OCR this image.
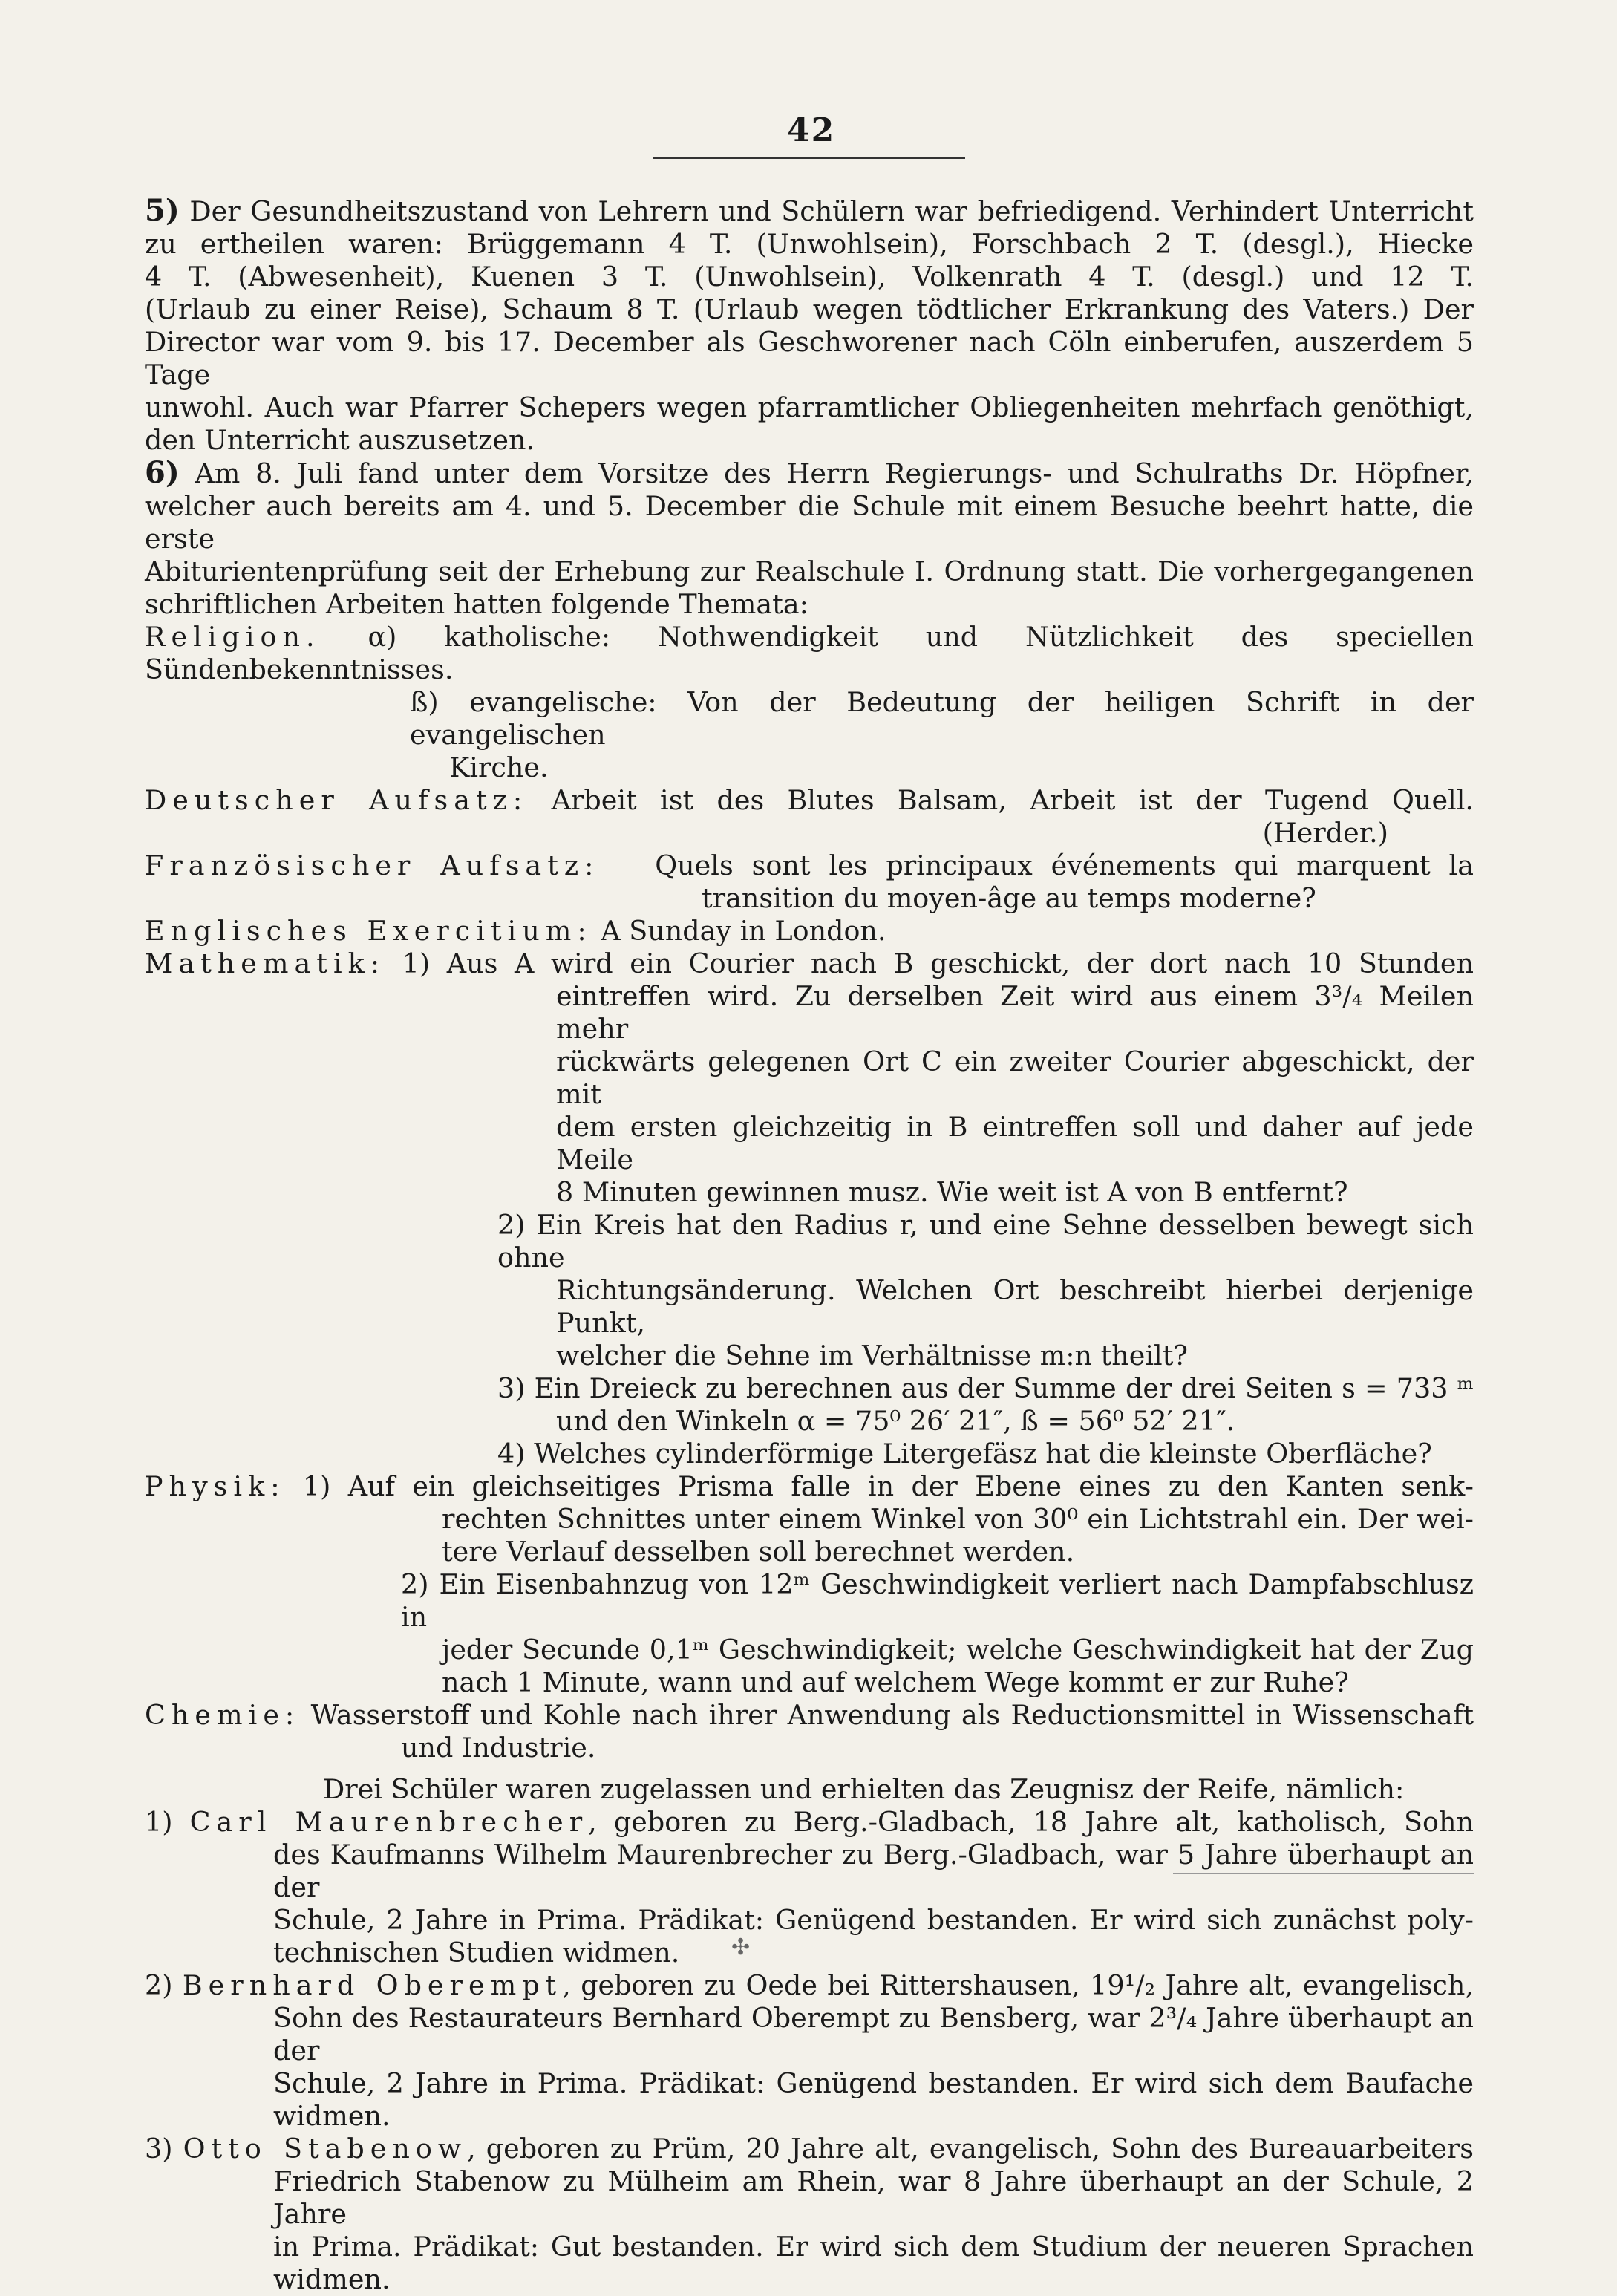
42

5) Der Gesundheitszustand von Lehrern und Schülern war befriedigend. Verhindert Unterricht

zu ertheilen waren: Brüggemann 4 T. (Unwohlsein), Forschbach 2 T. (desgl.), Hiecke

4 T. (Abwesenheit), Kuenen 3 T. (Unwohlsein), Volkenrath 4 T. (desgl.) und 12 T.

(Urlaub zu einer Reise), Schaum 8 T. (Urlaub wegen tödtlicher Erkrankung des Vaters.) Der

Director war vom 9. bis 17. December als Geschworener nach Cöln einberufen, auszerdem 5 Tage

unwohl. Auch war Pfarrer Schepers wegen pfarramtlicher Obliegenheiten mehrfach genöthigt,

den Unterricht auszusetzen.

6) Am 8. Juli fand unter dem Vorsitze des Herrn Regierungs- und Schulraths Dr. Höpfner,

welcher auch bereits am 4. und 5. December die Schule mit einem Besuche beehrt hatte, die erste

Abiturientenprüfung seit der Erhebung zur Realschule I. Ordnung statt. Die vorhergegangenen

schriftlichen Arbeiten hatten folgende Themata:

Religion. α) katholische: Nothwendigkeit und Nützlichkeit des speciellen Sündenbekenntnisses.

ß) evangelische: Von der Bedeutung der heiligen Schrift in der evangelischen

Kirche.

Deutscher Aufsatz: Arbeit ist des Blutes Balsam, Arbeit ist der Tugend Quell.

(Herder.)

Französischer Aufsatz: Quels sont les principaux événements qui marquent la

transition du moyen-âge au temps moderne?

Englisches Exercitium: A Sunday in London.

Mathematik: 1) Aus A wird ein Courier nach B geschickt, der dort nach 10 Stunden

eintreffen wird. Zu derselben Zeit wird aus einem 3³/₄ Meilen mehr

rückwärts gelegenen Ort C ein zweiter Courier abgeschickt, der mit

dem ersten gleichzeitig in B eintreffen soll und daher auf jede Meile

8 Minuten gewinnen musz. Wie weit ist A von B entfernt?

2) Ein Kreis hat den Radius r, und eine Sehne desselben bewegt sich ohne

Richtungsänderung. Welchen Ort beschreibt hierbei derjenige Punkt,

welcher die Sehne im Verhältnisse m:n theilt?

3) Ein Dreieck zu berechnen aus der Summe der drei Seiten s = 733 ᵐ

und den Winkeln α = 75⁰ 26′ 21″, ß = 56⁰ 52′ 21″.

4) Welches cylinderförmige Litergefäsz hat die kleinste Oberfläche?

Physik: 1) Auf ein gleichseitiges Prisma falle in der Ebene eines zu den Kanten senk-

rechten Schnittes unter einem Winkel von 30⁰ ein Lichtstrahl ein. Der wei-

tere Verlauf desselben soll berechnet werden.

2) Ein Eisenbahnzug von 12ᵐ Geschwindigkeit verliert nach Dampfabschlusz in

jeder Secunde 0,1ᵐ Geschwindigkeit; welche Geschwindigkeit hat der Zug

nach 1 Minute, wann und auf welchem Wege kommt er zur Ruhe?

Chemie: Wasserstoff und Kohle nach ihrer Anwendung als Reductionsmittel in Wissenschaft

und Industrie.

Drei Schüler waren zugelassen und erhielten das Zeugnisz der Reife, nämlich:

1) Carl Maurenbrecher, geboren zu Berg.-Gladbach, 18 Jahre alt, katholisch, Sohn

des Kaufmanns Wilhelm Maurenbrecher zu Berg.-Gladbach, war 5 Jahre überhaupt an der

Schule, 2 Jahre in Prima. Prädikat: Genügend bestanden. Er wird sich zunächst poly-

technischen Studien widmen.

2) Bernhard Oberempt, geboren zu Oede bei Rittershausen, 19¹/₂ Jahre alt, evangelisch,

Sohn des Restaurateurs Bernhard Oberempt zu Bensberg, war 2³/₄ Jahre überhaupt an der

Schule, 2 Jahre in Prima. Prädikat: Genügend bestanden. Er wird sich dem Baufache

widmen.

3) Otto Stabenow, geboren zu Prüm, 20 Jahre alt, evangelisch, Sohn des Bureauarbeiters

Friedrich Stabenow zu Mülheim am Rhein, war 8 Jahre überhaupt an der Schule, 2 Jahre

in Prima. Prädikat: Gut bestanden. Er wird sich dem Studium der neueren Sprachen

widmen.

✣
